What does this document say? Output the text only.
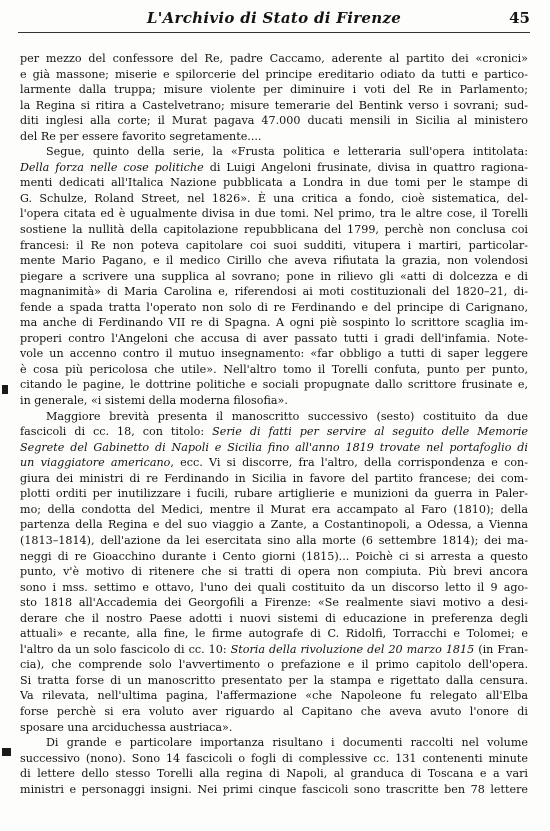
L'Archivio di Stato di Firenze	45
per mezzo del confessore del Re, padre Caccamo, aderente al partito dei «cronici»
e già massone; miserie e spilorcerie del principe ereditario odiato da tutti e partico-
larmente dalla truppa; misure violente per diminuire i voti del Re in Parlamento;
la Regina si ritira a Castelvetrano; misure temerarie del Bentink verso i sovrani; sud-
diti inglesi alla corte; il Murat pagava 47.000 ducati mensili in Sicilia al ministero
del Re per essere favorito segretamente....
Segue, quinto della serie, la «Frusta politica e letteraria sull'opera intitolata:
Della forza nelle cose politiche di Luigi Angeloni frusinate, divisa in quattro ragiona-
menti dedicati all'Italica Nazione pubblicata a Londra in due tomi per le stampe di
G. Schulze, Roland Street, nel 1826». È una critica a fondo, cioè sistematica, del-
l'opera citata ed è ugualmente divisa in due tomi. Nel primo, tra le altre cose, il Torelli
sostiene la nullità della capitolazione repubblicana del 1799, perchè non conclusa coi
francesi: il Re non poteva capitolare coi suoi sudditi, vitupera i martiri, particolar-
mente Mario Pagano, e il medico Cirillo che aveva rifiutata la grazia, non volendosi
piegare a scrivere una supplica al sovrano; pone in rilievo gli «atti di dolcezza e di
magnanimità» di Maria Carolina e, riferendosi ai moti costituzionali del 1820–21, di-
fende a spada tratta l'operato non solo di re Ferdinando e del principe di Carignano,
ma anche di Ferdinando VII re di Spagna. A ogni piè sospinto lo scrittore scaglia im-
properi contro l'Angeloni che accusa di aver passato tutti i gradi dell'infamia. Note-
vole un accenno contro il mutuo insegnamento: «far obbligo a tutti di saper leggere
è cosa più pericolosa che utile». Nell'altro tomo il Torelli confuta, punto per punto,
citando le pagine, le dottrine politiche e sociali propugnate dallo scrittore frusinate e,
in generale, «i sistemi della moderna filosofia».
Maggiore brevità presenta il manoscritto successivo (sesto) costituito da due
fascicoli di cc. 18, con titolo: Serie di fatti per servire al seguito delle Memorie
Segrete del Gabinetto di Napoli e Sicilia fino all'anno 1819 trovate nel portafoglio di
un viaggiatore americano, ecc. Vi si discorre, fra l'altro, della corrispondenza e con-
giura dei ministri di re Ferdinando in Sicilia in favore del partito francese; dei com-
plotti orditi per inutilizzare i fucili, rubare artiglierie e munizioni da guerra in Paler-
mo; della condotta del Medici, mentre il Murat era accampato al Faro (1810); della
partenza della Regina e del suo viaggio a Zante, a Costantinopoli, a Odessa, a Vienna
(1813–1814), dell'azione da lei esercitata sino alla morte (6 settembre 1814); dei ma-
neggi di re Gioacchino durante i Cento giorni (1815)... Poichè ci si arresta a questo
punto, v'è motivo di ritenere che si tratti di opera non compiuta. Più brevi ancora
sono i mss. settimo e ottavo, l'uno dei quali costituito da un discorso letto il 9 ago-
sto 1818 all'Accademia dei Georgofili a Firenze: «Se realmente siavi motivo a desi-
derare che il nostro Paese adotti i nuovi sistemi di educazione in preferenza degli
attuali» e recante, alla fine, le firme autografe di C. Ridolfi, Torracchi e Tolomei; e
l'altro da un solo fascicolo di cc. 10: Storia della rivoluzione del 20 marzo 1815 (in Fran-
cia), che comprende solo l'avvertimento o prefazione e il primo capitolo dell'opera.
Si tratta forse di un manoscritto presentato per la stampa e rigettato dalla censura.
Va rilevata, nell'ultima pagina, l'affermazione «che Napoleone fu relegato all'Elba
forse perchè si era voluto aver riguardo al Capitano che aveva avuto l'onore di
sposare una arciduchessa austriaca».
Di grande e particolare importanza risultano i documenti raccolti nel volume
successivo (nono). Sono 14 fascicoli o fogli di complessive cc. 131 contenenti minute
di lettere dello stesso Torelli alla regina di Napoli, al granduca di Toscana e a vari
ministri e personaggi insigni. Nei primi cinque fascicoli sono trascritte ben 78 lettere
